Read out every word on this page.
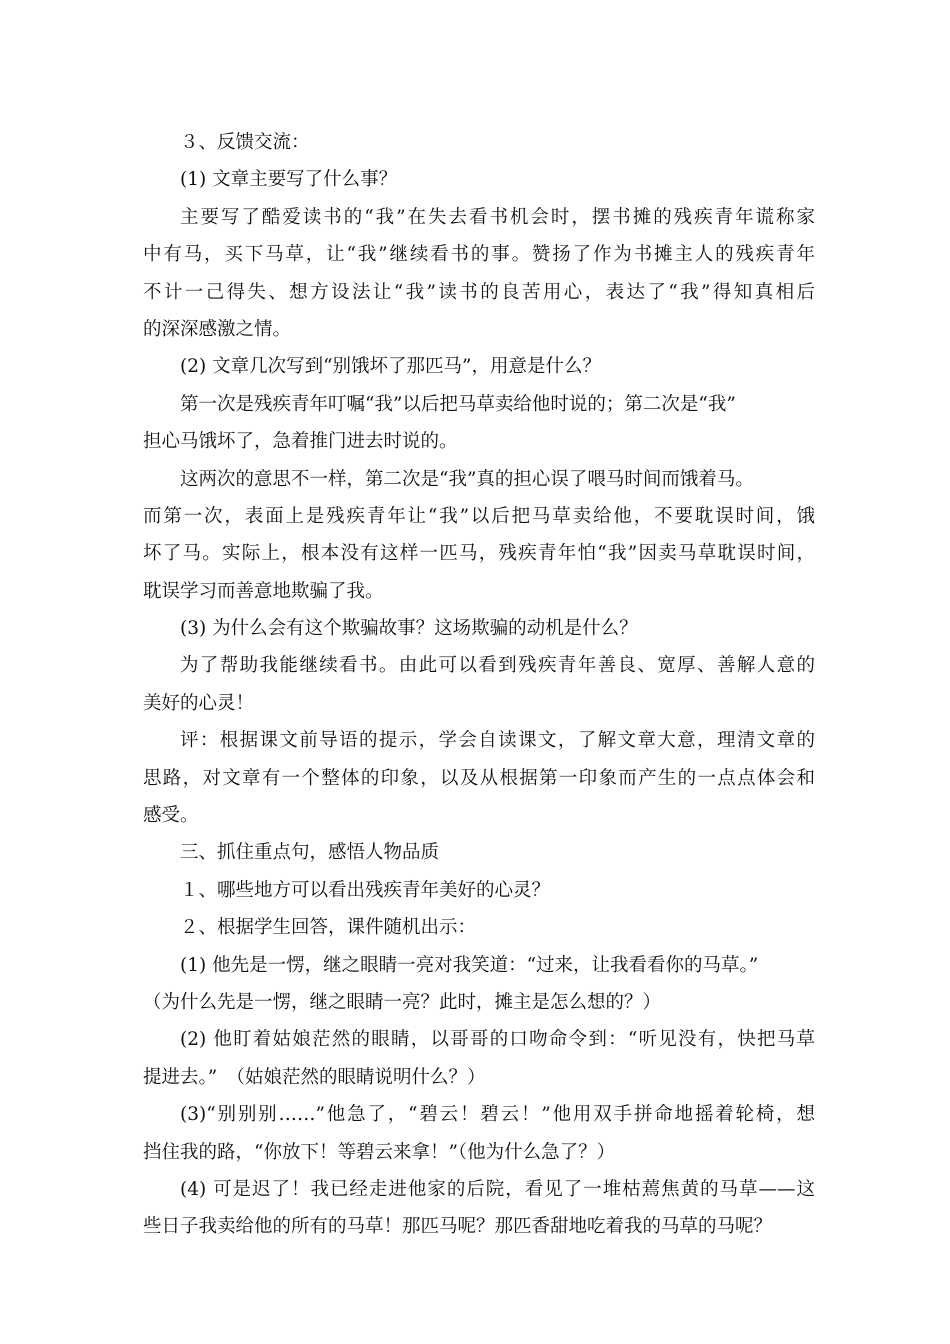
３、反馈交流：
(1) 文章主要写了什么事？
主要写了酷爱读书的“我”在失去看书机会时，摆书摊的残疾青年谎称家
中有马，买下马草，让“我”继续看书的事。赞扬了作为书摊主人的残疾青年
不计一己得失、想方设法让“我”读书的良苦用心，表达了“我”得知真相后
的深深感激之情。
(2) 文章几次写到“别饿坏了那匹马”，用意是什么？
第一次是残疾青年叮嘱“我”以后把马草卖给他时说的；第二次是“我”
担心马饿坏了，急着推门进去时说的。
这两次的意思不一样，第二次是“我”真的担心误了喂马时间而饿着马。
而第一次，表面上是残疾青年让“我”以后把马草卖给他，不要耽误时间，饿
坏了马。实际上，根本没有这样一匹马，残疾青年怕“我”因卖马草耽误时间，
耽误学习而善意地欺骗了我。
(3) 为什么会有这个欺骗故事？这场欺骗的动机是什么？
为了帮助我能继续看书。由此可以看到残疾青年善良、宽厚、善解人意的
美好的心灵！
评：根据课文前导语的提示，学会自读课文，了解文章大意，理清文章的
思路，对文章有一个整体的印象，以及从根据第一印象而产生的一点点体会和
感受。
三、抓住重点句，感悟人物品质
１、哪些地方可以看出残疾青年美好的心灵？
２、根据学生回答，课件随机出示：
(1) 他先是一愣，继之眼睛一亮对我笑道：“过来，让我看看你的马草。”
（为什么先是一愣，继之眼睛一亮？此时，摊主是怎么想的？）
(2) 他盯着姑娘茫然的眼睛，以哥哥的口吻命令到：“听见没有，快把马草
提进去。”　（姑娘茫然的眼睛说明什么？）
(3)“别别别……”他急了，“碧云！碧云！”他用双手拼命地摇着轮椅，想
挡住我的路，“你放下！等碧云来拿！”（他为什么急了？）
(4) 可是迟了！我已经走进他家的后院，看见了一堆枯蔫焦黄的马草——这
些日子我卖给他的所有的马草！那匹马呢？那匹香甜地吃着我的马草的马呢？
